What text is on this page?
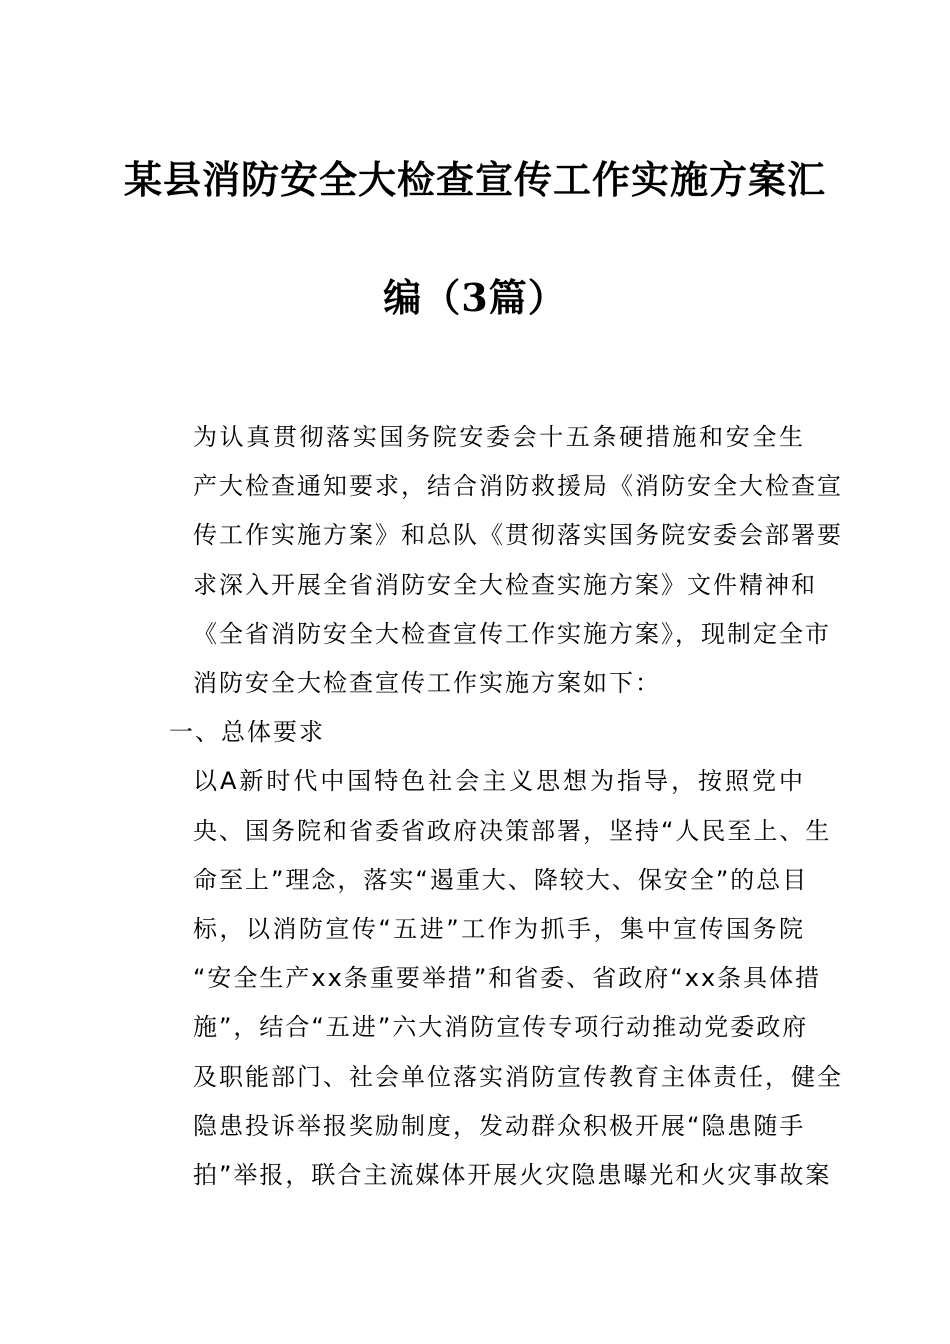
某县消防安全大检查宣传工作实施方案汇
编（3篇）
为认真贯彻落实国务院安委会十五条硬措施和安全生
产大检查通知要求，结合消防救援局《消防安全大检查宣
传工作实施方案》和总队《贯彻落实国务院安委会部署要
求深入开展全省消防安全大检查实施方案》文件精神和
《全省消防安全大检查宣传工作实施方案》，现制定全市
消防安全大检查宣传工作实施方案如下：
一、总体要求
以A新时代中国特色社会主义思想为指导，按照党中
央、国务院和省委省政府决策部署，坚持“人民至上、生
命至上”理念，落实“遏重大、降较大、保安全”的总目
标，以消防宣传“五进”工作为抓手，集中宣传国务院
“安全生产xx条重要举措”和省委、省政府“xx条具体措
施”，结合“五进”六大消防宣传专项行动推动党委政府
及职能部门、社会单位落实消防宣传教育主体责任，健全
隐患投诉举报奖励制度，发动群众积极开展“隐患随手
拍”举报，联合主流媒体开展火灾隐患曝光和火灾事故案
